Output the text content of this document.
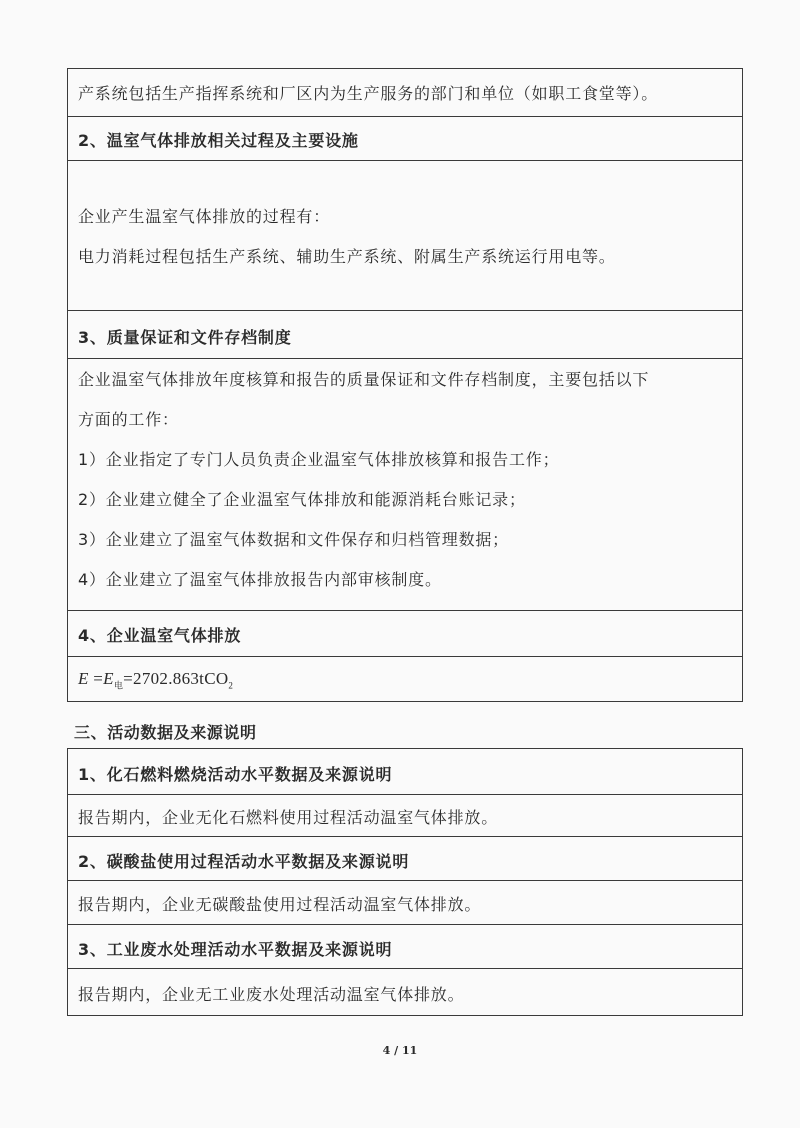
产系统包括生产指挥系统和厂区内为生产服务的部门和单位（如职工食堂等）。
2、温室气体排放相关过程及主要设施
企业产生温室气体排放的过程有：
电力消耗过程包括生产系统、辅助生产系统、附属生产系统运行用电等。
3、质量保证和文件存档制度
企业温室气体排放年度核算和报告的质量保证和文件存档制度，主要包括以下
方面的工作：
1）企业指定了专门人员负责企业温室气体排放核算和报告工作；
2）企业建立健全了企业温室气体排放和能源消耗台账记录；
3）企业建立了温室气体数据和文件保存和归档管理数据；
4）企业建立了温室气体排放报告内部审核制度。
4、企业温室气体排放
$E =E_电=2702.863tCO_2$
三、活动数据及来源说明
1、化石燃料燃烧活动水平数据及来源说明
报告期内，企业无化石燃料使用过程活动温室气体排放。
2、碳酸盐使用过程活动水平数据及来源说明
报告期内，企业无碳酸盐使用过程活动温室气体排放。
3、工业废水处理活动水平数据及来源说明
报告期内，企业无工业废水处理活动温室气体排放。
4 / 11
